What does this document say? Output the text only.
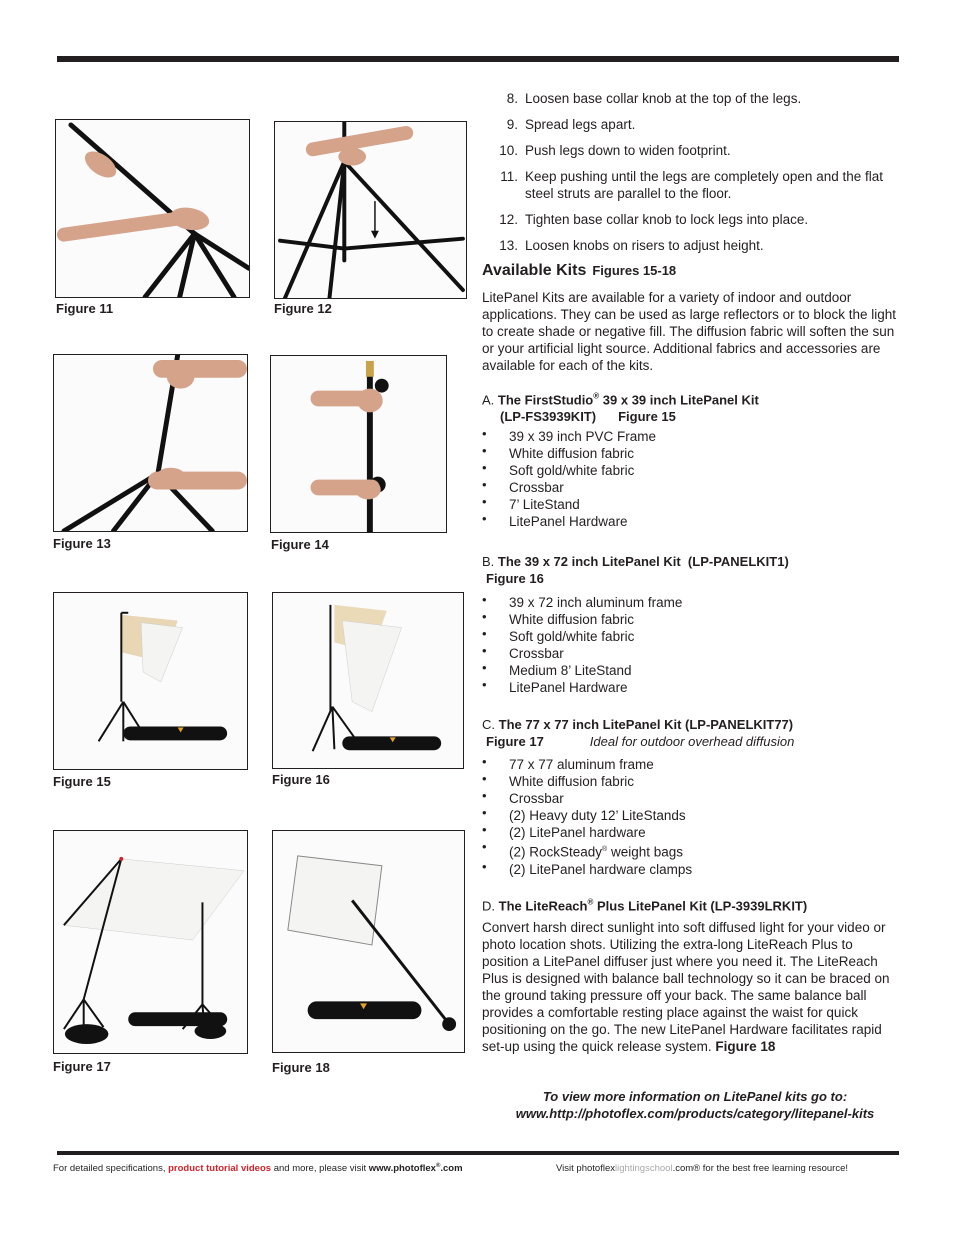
Figure 11	Figure 12
Figure 13	Figure 14
Figure 15	Figure 16
Figure 17	Figure 18
8. Loosen base collar knob at the top of the legs.
9. Spread legs apart.
10. Push legs down to widen footprint.
11. Keep pushing until the legs are completely open and the flat steel struts are parallel to the floor.
12. Tighten base collar knob to lock legs into place.
13. Loosen knobs on risers to adjust height.
Available Kits Figures 15-18
LitePanel Kits are available for a variety of indoor and outdoor applications. They can be used as large reflectors or to block the light to create shade or negative fill. The diffusion fabric will soften the sun or your artificial light source. Additional fabrics and accessories are available for each of the kits.
A. The FirstStudio® 39 x 39 inch LitePanel Kit
(LP-FS3939KIT) Figure 15
• 39 x 39 inch PVC Frame
• White diffusion fabric
• Soft gold/white fabric
• Crossbar
• 7’ LiteStand
• LitePanel Hardware
B. The 39 x 72 inch LitePanel Kit  (LP-PANELKIT1)
Figure 16
• 39 x 72 inch aluminum frame
• White diffusion fabric
• Soft gold/white fabric
• Crossbar
• Medium 8’ LiteStand
• LitePanel Hardware
C. The 77 x 77 inch LitePanel Kit (LP-PANELKIT77)
Figure 17	Ideal for outdoor overhead diffusion
• 77 x 77 aluminum frame
• White diffusion fabric
• Crossbar
• (2) Heavy duty 12’ LiteStands
• (2) LitePanel hardware
• (2) RockSteady® weight bags
• (2) LitePanel hardware clamps
D. The LiteReach® Plus LitePanel Kit (LP-3939LRKIT)
Convert harsh direct sunlight into soft diffused light for your video or photo location shots. Utilizing the extra-long LiteReach Plus to position a LitePanel diffuser just where you need it. The LiteReach Plus is designed with balance ball technology so it can be braced on the ground taking pressure off your back. The same balance ball provides a comfortable resting place against the waist for quick positioning on the go. The new LitePanel Hardware facilitates rapid set-up using the quick release system. Figure 18
To view more information on LitePanel kits go to:
www.http://photoflex.com/products/category/litepanel-kits
For detailed specifications, product tutorial videos and more, please visit www.photoflex®.com	Visit photoflexlightingschool.com® for the best free learning resource!
